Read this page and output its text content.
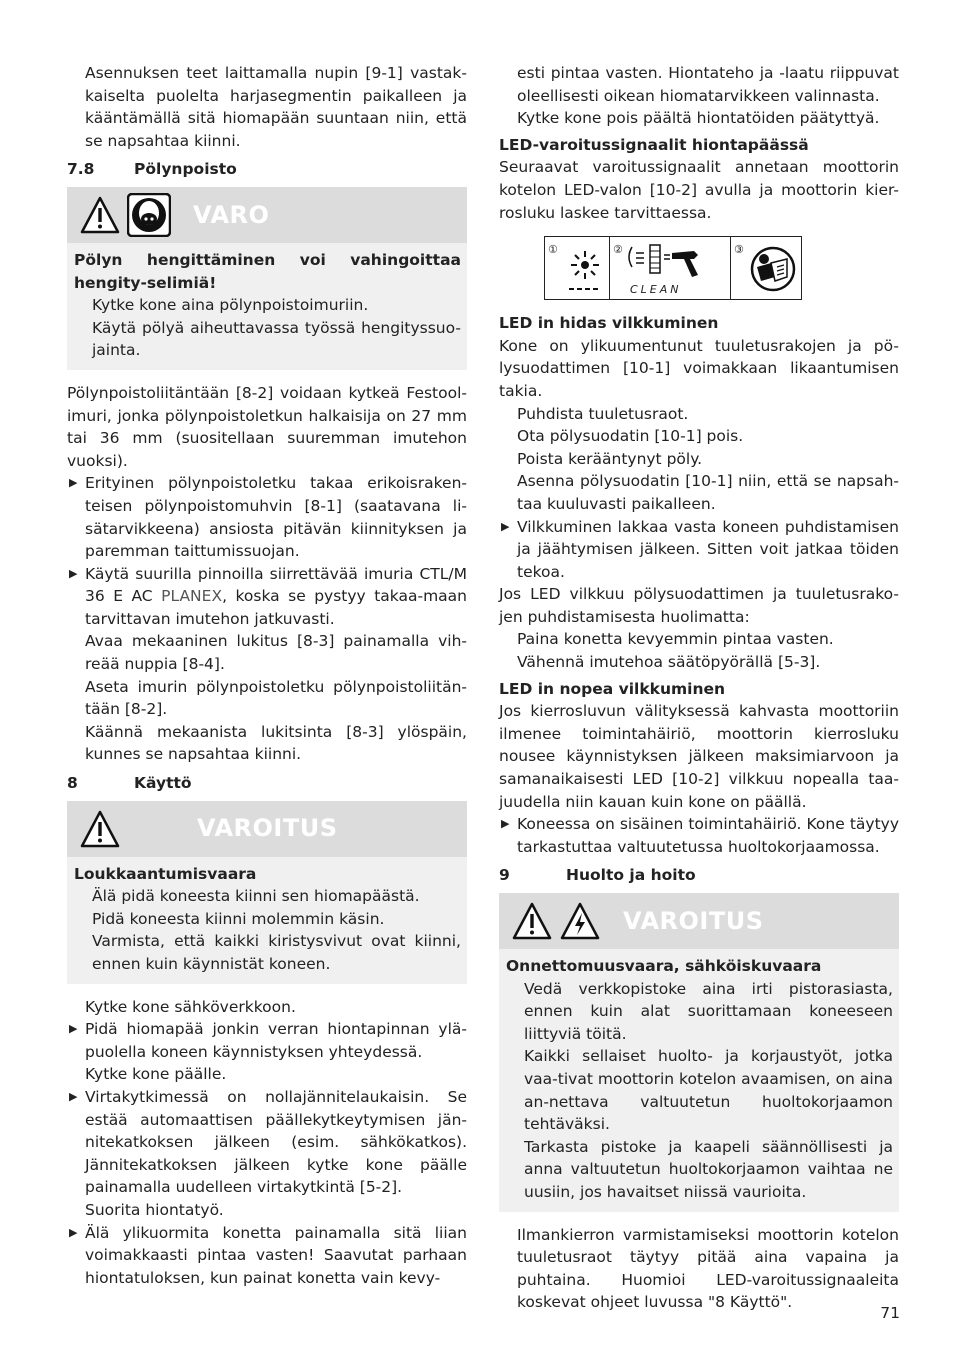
Asennuksen teet laittamalla nupin [9-1] vastak-kaiselta puolelta harjasegmentin paikalleen ja kääntämällä sitä hiomapään suuntaan niin, että se napsahtaa kiinni.

7.8	Pölynpoisto
VARO

Pölyn hengittäminen voi vahingoittaa hengity-selimiä!

Kytke kone aina pölynpoistoimuriin.

Käytä pölyä aiheuttavassa työssä hengityssuo-jainta.

Pölynpoistoliitäntään [8-2] voidaan kytkeä Festool-imuri, jonka pölynpoistoletkun halkaisija on 27 mm tai 36 mm (suositellaan suuremman imutehon vuoksi).

▶ Erityinen pölynpoistoletku takaa erikoisraken-teisen pölynpoistomuhvin [8-1] (saatavana li-sätarvikkeena) ansiosta pitävän kiinnityksen ja paremman taittumissuojan.

▶ Käytä suurilla pinnoilla siirrettävää imuria CTL/M 36 E AC PLANEX, koska se pystyy takaa-maan tarvittavan imutehon jatkuvasti.

Avaa mekaaninen lukitus [8-3] painamalla vih-reää nuppia [8-4].

Aseta imurin pölynpoistoletku pölynpoistoliitän-tään [8-2].

Käännä mekaanista lukitsinta [8-3] ylöspäin, kunnes se napsahtaa kiinni.

8	Käyttö
VAROITUS

Loukkaantumisvaara

Älä pidä koneesta kiinni sen hiomapäästä.

Pidä koneesta kiinni molemmin käsin.

Varmista, että kaikki kiristysvivut ovat kiinni, ennen kuin käynnistät koneen.

Kytke kone sähköverkkoon.

▶ Pidä hiomapää jonkin verran hiontapinnan ylä-puolella koneen käynnistyksen yhteydessä.

Kytke kone päälle.

▶ Virtakytkimessä on nollajännitelaukaisin. Se estää automaattisen päällekytkeytymisen jän-nitekatkoksen jälkeen (esim. sähkökatkos). Jännitekatkoksen jälkeen kytke kone päälle painamalla uudelleen virtakytkintä [5-2].

Suorita hiontatyö.

▶ Älä ylikuormita konetta painamalla sitä liian voimakkaasti pintaa vasten! Saavutat parhaan hiontatuloksen, kun painat konetta vain kevy-

esti pintaa vasten. Hiontateho ja -laatu riippuvat oleellisesti oikean hiomatarvikkeen valinnasta.

Kytke kone pois päältä hiontatöiden päätyttyä.

LED-varoitussignaalit hiontapäässä

Seuraavat varoitussignaalit annetaan moottorin kotelon LED-valon [10-2] avulla ja moottorin kier-rosluku laskee tarvittaessa.

①	②
CLEAN
③

LED in hidas vilkkuminen

Kone on ylikuumentunut tuuletusrakojen ja pö-lysuodattimen [10-1] voimakkaan likaantumisen takia.

Puhdista tuuletusraot.

Ota pölysuodatin [10-1] pois.

Poista kerääntynyt pöly.

Asenna pölysuodatin [10-1] niin, että se napsah-taa kuuluvasti paikalleen.

▶ Vilkkuminen lakkaa vasta koneen puhdistamisen ja jäähtymisen jälkeen. Sitten voit jatkaa töiden tekoa.

Jos LED vilkkuu pölysuodattimen ja tuuletusrako-jen puhdistamisesta huolimatta:

Paina konetta kevyemmin pintaa vasten.

Vähennä imutehoa säätöpyörällä [5-3].

LED in nopea vilkkuminen

Jos kierrosluvun välityksessä kahvasta moottoriin ilmenee toimintahäiriö, moottorin kierrosluku nousee käynnistyksen jälkeen maksimiarvoon ja samanaikaisesti LED [10-2] vilkkuu nopealla taa-juudella niin kauan kuin kone on päällä.

▶ Koneessa on sisäinen toimintahäiriö. Kone täytyy tarkastuttaa valtuutetussa huoltokorjaamossa.

9	Huolto ja hoito
VAROITUS

Onnettomuusvaara, sähköiskuvaara

Vedä verkkopistoke aina irti pistorasiasta, ennen kuin alat suorittamaan koneeseen liittyviä töitä.

Kaikki sellaiset huolto- ja korjaustyöt, jotka vaa-tivat moottorin kotelon avaamisen, on aina an-nettava valtuutetun huoltokorjaamon tehtäväksi.

Tarkasta pistoke ja kaapeli säännöllisesti ja anna valtuutetun huoltokorjaamon vaihtaa ne uusiin, jos havaitset niissä vaurioita.

Ilmankierron varmistamiseksi moottorin kotelon tuuletusraot täytyy pitää aina vapaina ja puhtaina. Huomioi LED-varoitussignaaleita koskevat ohjeet luvussa "8 Käyttö".

71
